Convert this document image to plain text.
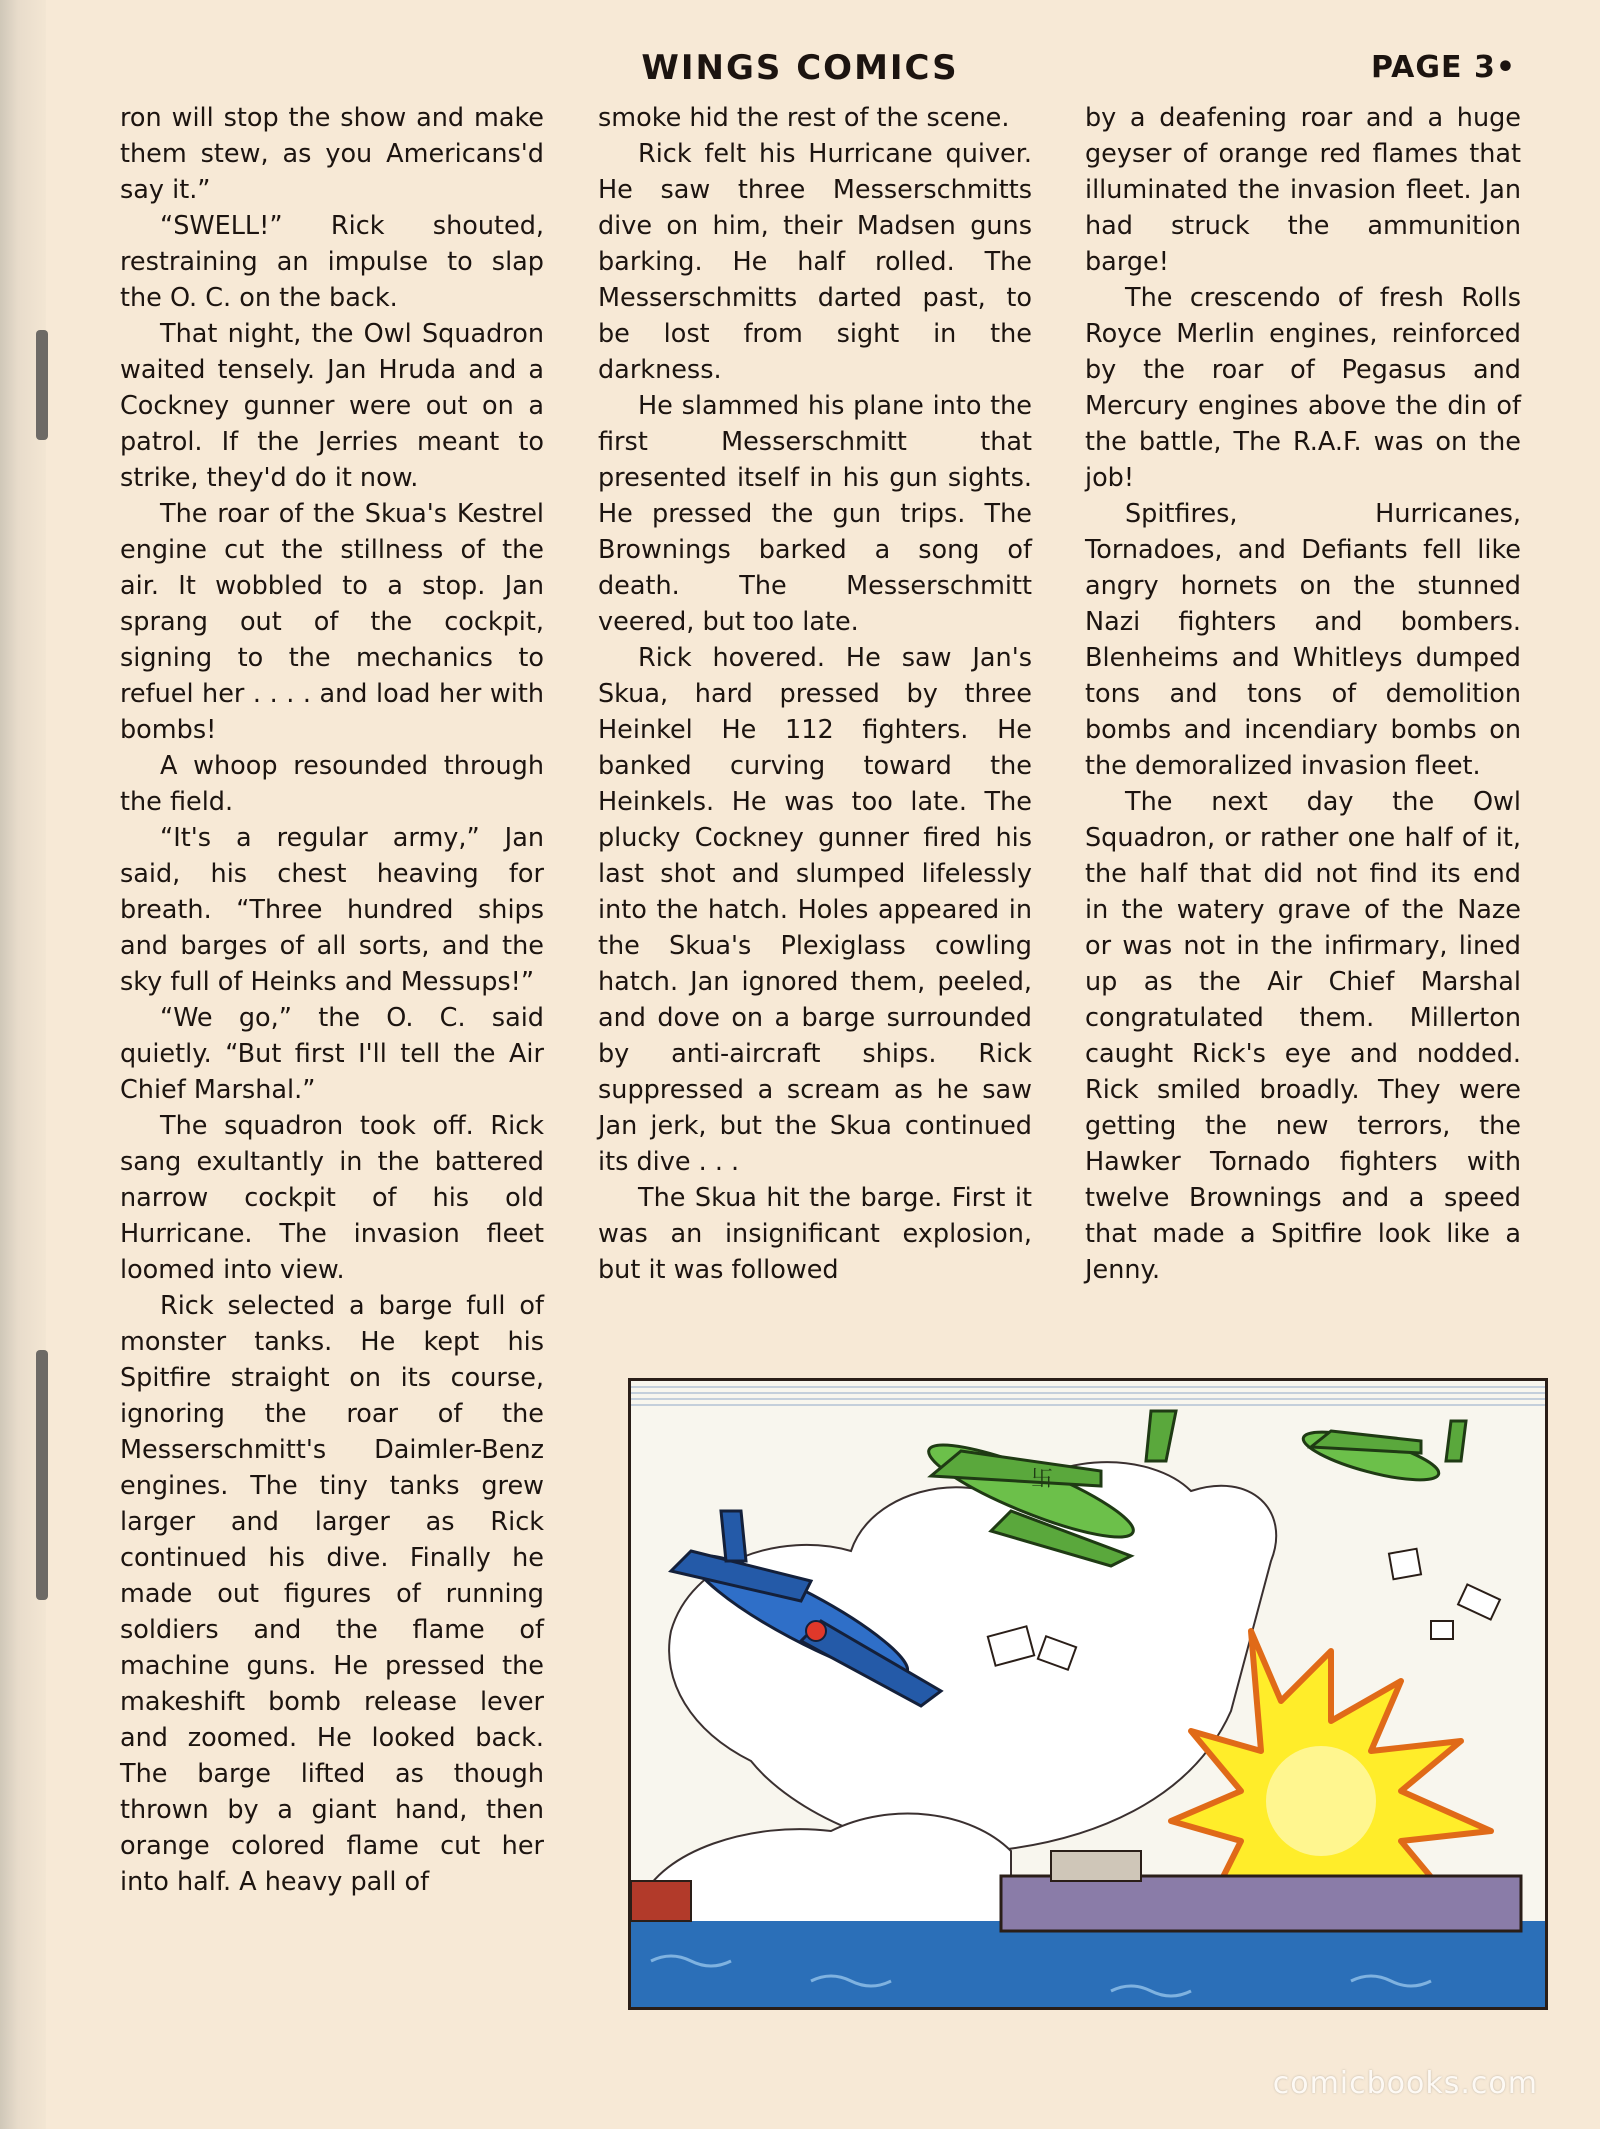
WINGS COMICS	PAGE 3•

ron will stop the show and make them stew, as you Americans'd say it.”

“SWELL!” Rick shouted, restraining an impulse to slap the O. C. on the back.

That night, the Owl Squadron waited tensely. Jan Hruda and a Cockney gunner were out on a patrol. If the Jerries meant to strike, they'd do it now.

The roar of the Skua's Kestrel engine cut the stillness of the air. It wobbled to a stop. Jan sprang out of the cockpit, signing to the mechanics to refuel her . . . . and load her with bombs!

A whoop resounded through the field.

“It's a regular army,” Jan said, his chest heaving for breath. “Three hundred ships and barges of all sorts, and the sky full of Heinks and Messups!”

“We go,” the O. C. said quietly. “But first I'll tell the Air Chief Marshal.”

The squadron took off. Rick sang exultantly in the battered narrow cockpit of his old Hurricane. The invasion fleet loomed into view.

Rick selected a barge full of monster tanks. He kept his Spitfire straight on its course, ignoring the roar of the Messerschmitt's Daimler-Benz engines. The tiny tanks grew larger and larger as Rick continued his dive. Finally he made out figures of running soldiers and the flame of machine guns. He pressed the makeshift bomb release lever and zoomed. He looked back. The barge lifted as though thrown by a giant hand, then orange colored flame cut her into half. A heavy pall of

smoke hid the rest of the scene.

Rick felt his Hurricane quiver. He saw three Messerschmitts dive on him, their Madsen guns barking. He half rolled. The Messerschmitts darted past, to be lost from sight in the darkness.

He slammed his plane into the first Messerschmitt that presented itself in his gun sights. He pressed the gun trips. The Brownings barked a song of death. The Messerschmitt veered, but too late.

Rick hovered. He saw Jan's Skua, hard pressed by three Heinkel He 112 fighters. He banked curving toward the Heinkels. He was too late. The plucky Cockney gunner fired his last shot and slumped lifelessly into the hatch. Holes appeared in the Skua's Plexiglass cowling hatch. Jan ignored them, peeled, and dove on a barge surrounded by anti-aircraft ships. Rick suppressed a scream as he saw Jan jerk, but the Skua continued its dive . . .

The Skua hit the barge. First it was an insignificant explosion, but it was followed

by a deafening roar and a huge geyser of orange red flames that illuminated the invasion fleet. Jan had struck the ammunition barge!

The crescendo of fresh Rolls Royce Merlin engines, reinforced by the roar of Pegasus and Mercury engines above the din of the battle, The R.A.F. was on the job!

Spitfires, Hurricanes, Tornadoes, and Defiants fell like angry hornets on the stunned Nazi fighters and bombers. Blenheims and Whitleys dumped tons and tons of demolition bombs and incendiary bombs on the demoralized invasion fleet.

The next day the Owl Squadron, or rather one half of it, the half that did not find its end in the watery grave of the Naze or was not in the infirmary, lined up as the Air Chief Marshal congratulated them. Millerton caught Rick's eye and nodded. Rick smiled broadly. They were getting the new terrors, the Hawker Tornado fighters with twelve Brownings and a speed that made a Spitfire look like a Jenny.

卐
comicbooks.com
